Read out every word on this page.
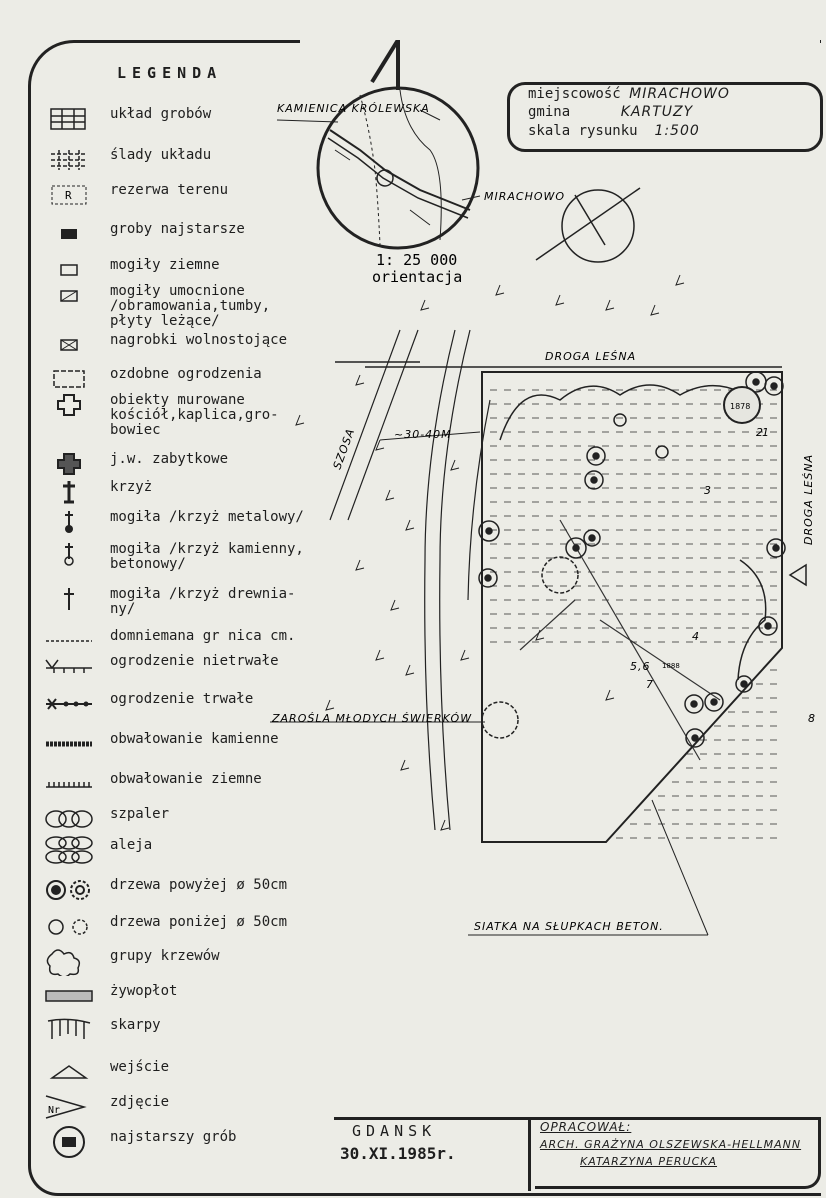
LEGENDA
układ grobów
ślady układu
R	rezerwa terenu
groby najstarsze
mogiły ziemne
mogiły umocnione
/obramowania,tumby,
płyty leżące/
nagrobki wolnostojące
ozdobne ogrodzenia
obiekty murowane
kościół,kaplica,gro-
bowiec
j.w. zabytkowe
krzyż
mogiła /krzyż metalowy/
mogiła /krzyż kamienny,
betonowy/
mogiła /krzyż drewnia-
ny/
domniemana gr nica cm.
ogrodzenie nietrwałe
ogrodzenie trwałe
obwałowanie kamienne
obwałowanie ziemne
szpaler
aleja
drzewa powyżej ø 50cm
drzewa poniżej ø 50cm
grupy krzewów
żywopłot
skarpy
wejście
Nr
zdjęcie
najstarszy grób
miejscowość MIRACHOWO
gmina	KARTUZY
skala rysunku 1:500
KAMIENICA KRÓLEWSKA
MIRACHOWO
1: 25 000
orientacja
DROGA LEŚNA
SZOSA	~30-40M
1878
DROGA LEŚNA
1
2
3
4
5,6
7
8
1888
ZAROŚLA MŁODYCH ŚWIERKÓW
SIATKA NA SŁUPKACH BETON.
GDANSK
30.XI.1985r.
OPRACOWAŁ:
ARCH. GRAŻYNA OLSZEWSKA-HELLMANN
KATARZYNA PERUCKA
